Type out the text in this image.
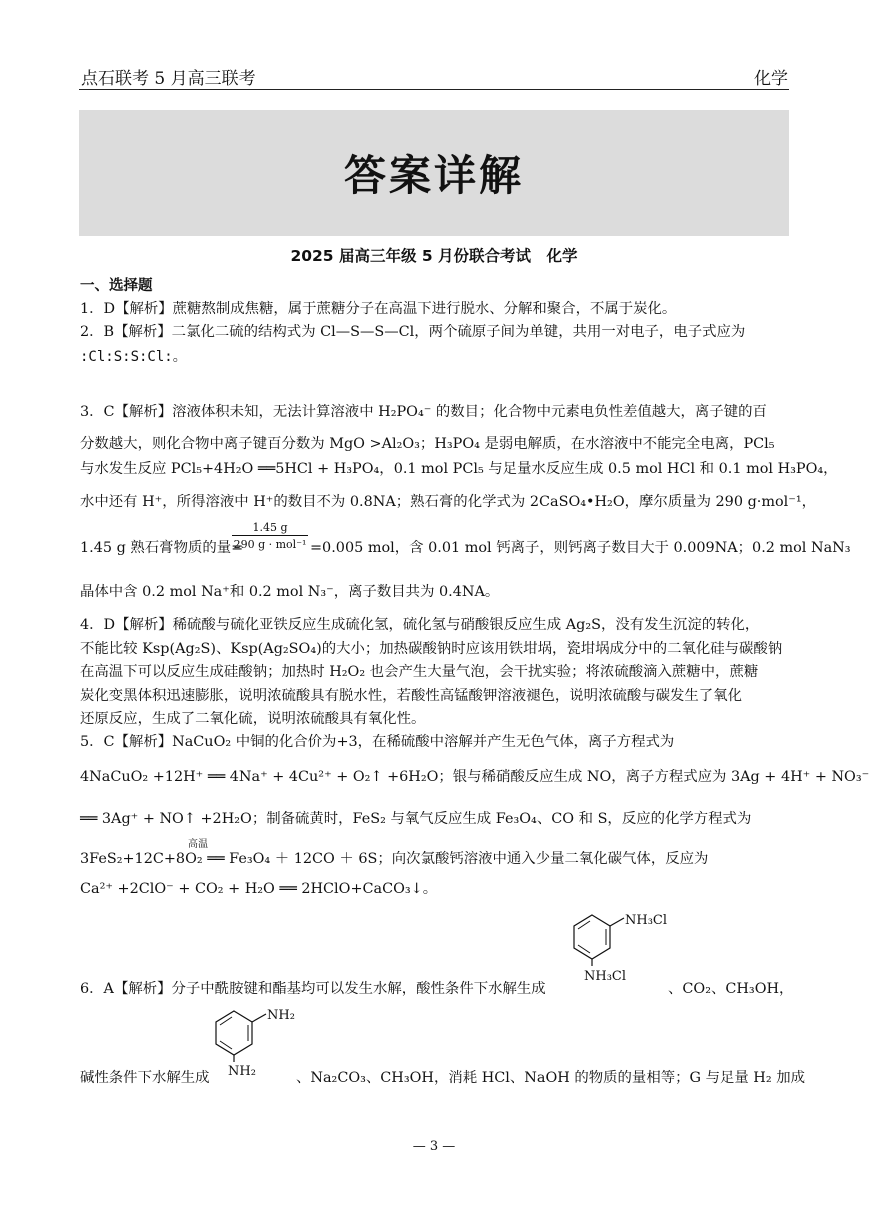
点石联考 5 月高三联考	化学
答案详解
2025 届高三年级 5 月份联合考试　化学
一、选择题
1．D【解析】蔗糖熬制成焦糖，属于蔗糖分子在高温下进行脱水、分解和聚合，不属于炭化。
2．B【解析】二氯化二硫的结构式为 Cl—S—S—Cl，两个硫原子间为单键，共用一对电子，电子式应为
:Cl:S:S:Cl:。
3．C【解析】溶液体积未知，无法计算溶液中 H₂PO₄⁻ 的数目；化合物中元素电负性差值越大，离子键的百
分数越大，则化合物中离子键百分数为 MgO >Al₂O₃；H₃PO₄ 是弱电解质，在水溶液中不能完全电离，PCl₅
与水发生反应 PCl₅+4H₂O ══5HCl + H₃PO₄，0.1 mol PCl₅ 与足量水反应生成 0.5 mol HCl 和 0.1 mol H₃PO₄，
水中还有 H⁺，所得溶液中 H⁺的数目不为 0.8NA；熟石膏的化学式为 2CaSO₄•H₂O，摩尔质量为 290 g·mol⁻¹，
1.45 g 熟石膏物质的量=
1.45 g
290 g · mol⁻¹ =0.005 mol，含 0.01 mol 钙离子，则钙离子数目大于 0.009NA；0.2 mol NaN₃
晶体中含 0.2 mol Na⁺和 0.2 mol N₃⁻，离子数目共为 0.4NA。
4．D【解析】稀硫酸与硫化亚铁反应生成硫化氢，硫化氢与硝酸银反应生成 Ag₂S，没有发生沉淀的转化，
不能比较 Ksp(Ag₂S)、Ksp(Ag₂SO₄)的大小；加热碳酸钠时应该用铁坩埚，瓷坩埚成分中的二氧化硅与碳酸钠
在高温下可以反应生成硅酸钠；加热时 H₂O₂ 也会产生大量气泡，会干扰实验；将浓硫酸滴入蔗糖中，蔗糖
炭化变黑体积迅速膨胀，说明浓硫酸具有脱水性，若酸性高锰酸钾溶液褪色，说明浓硫酸与碳发生了氧化
还原反应，生成了二氧化硫，说明浓硫酸具有氧化性。
5．C【解析】NaCuO₂ 中铜的化合价为+3，在稀硫酸中溶解并产生无色气体，离子方程式为
4NaCuO₂ +12H⁺ ══ 4Na⁺ + 4Cu²⁺ + O₂↑ +6H₂O；银与稀硝酸反应生成 NO，离子方程式应为 3Ag + 4H⁺ + NO₃⁻
══ 3Ag⁺ + NO↑ +2H₂O；制备硫黄时，FeS₂ 与氧气反应生成 Fe₃O₄、CO 和 S，反应的化学方程式为
高温
3FeS₂+12C+8O₂ ══ Fe₃O₄ ＋ 12CO ＋ 6S；向次氯酸钙溶液中通入少量二氧化碳气体，反应为
Ca²⁺ +2ClO⁻ + CO₂ + H₂O ══ 2HClO+CaCO₃↓。
NH₃Cl
NH₃Cl
6．A【解析】分子中酰胺键和酯基均可以发生水解，酸性条件下水解生成	、CO₂、CH₃OH，
NH₂
NH₂
碱性条件下水解生成	、Na₂CO₃、CH₃OH，消耗 HCl、NaOH 的物质的量相等；G 与足量 H₂ 加成
— 3 —
